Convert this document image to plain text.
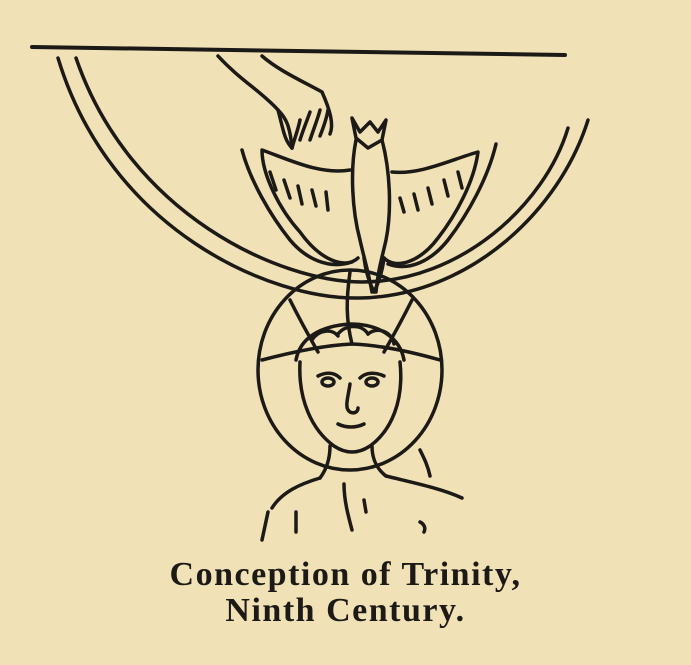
Conception of Trinity,
Ninth Century.
